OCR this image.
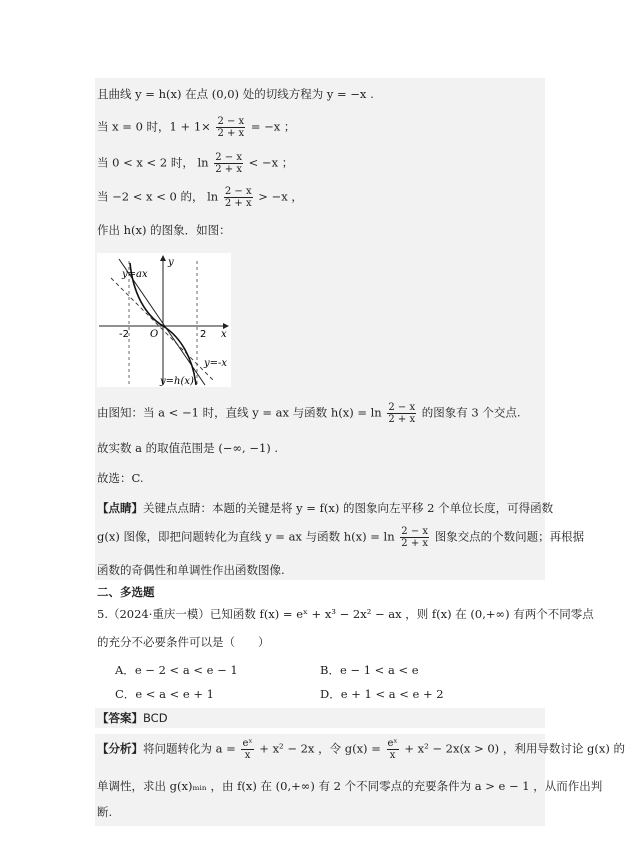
且曲线 y = h(x) 在点 (0,0) 处的切线方程为 y = −x .
当 x = 0 时，$1 + 1\times \frac{2 - x}{2 + x} = -x$ ；
当 0 < x < 2 时， $\ln \frac{2 - x}{2 + x} < -x$ ；
当 −2 < x < 0 的， $\ln \frac{2 - x}{2 + x} > -x$ ，
作出 h(x) 的图象．如图：
y
x
O
-2	2
y=ax
y=-x
y=h(x)
由图知：当 a < −1 时，直线 y = ax 与函数 $h(x) = \ln \frac{2 - x}{2 + x}$ 的图象有 3 个交点.
故实数 a 的取值范围是 (−∞, −1) .
故选：C.
【点睛】关键点点睛：本题的关键是将 y = f(x) 的图象向左平移 2 个单位长度，可得函数
g(x) 图像，即把问题转化为直线 y = ax 与函数 $h(x) = \ln \frac{2 - x}{2 + x}$ 图象交点的个数问题；再根据
函数的奇偶性和单调性作出函数图像.
二、多选题
5.（2024·重庆一模）已知函数 f(x) = eˣ + x³ − 2x² − ax ，则 f(x) 在 (0,+∞) 有两个不同零点
的充分不必要条件可以是（　　）
A．e − 2 < a < e − 1	B．e − 1 < a < e
C．e < a < e + 1	D．e + 1 < a < e + 2
【答案】BCD
【分析】将问题转化为 $a = \frac{\text{eˣ}}{x} + x^2 - 2x$ ，令 $g(x) = \frac{\text{eˣ}}{x} + x^2 - 2x(x > 0)$ ，利用导数讨论 g(x) 的
单调性，求出 g(x)ₘᵢₙ ，由 f(x) 在 (0,+∞) 有 2 个不同零点的充要条件为 a > e − 1 ，从而作出判
断.
